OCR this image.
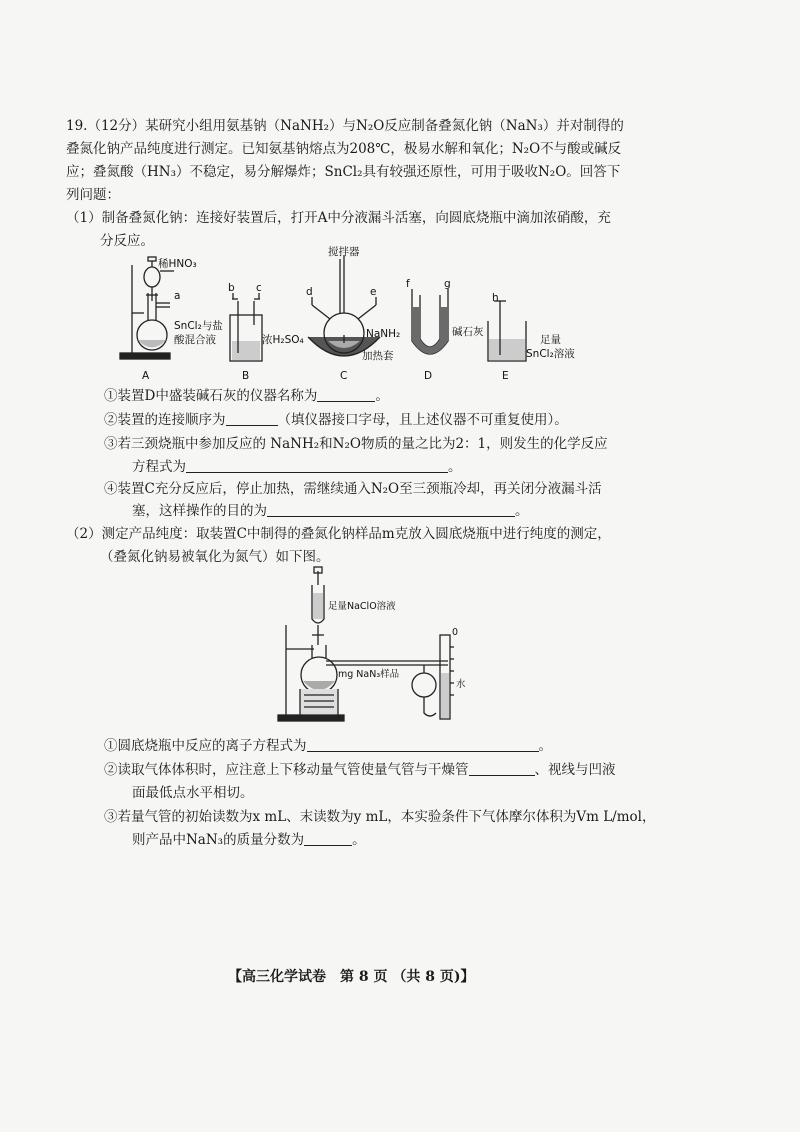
19.（12分）某研究小组用氨基钠（NaNH₂）与N₂O反应制备叠氮化钠（NaN₃）并对制得的
叠氮化钠产品纯度进行测定。已知氨基钠熔点为208℃，极易水解和氧化；N₂O不与酸或碱反
应；叠氮酸（HN₃）不稳定，易分解爆炸；SnCl₂具有较强还原性，可用于吸收N₂O。回答下
列问题：
（1）制备叠氮化钠：连接好装置后，打开A中分液漏斗活塞，向圆底烧瓶中滴加浓硝酸，充
分反应。
稀HNO₃
a
SnCl₂与盐
酸混合液
b c
浓H₂SO₄
搅拌器
d	e
NaNH₂
加热套
f	g
碱石灰
h
足量
SnCl₂溶液
A	B	C	D	E
①装置D中盛装碱石灰的仪器名称为	。
②装置的连接顺序为	（填仪器接口字母，且上述仪器不可重复使用）。
③若三颈烧瓶中参加反应的 NaNH₂和N₂O物质的量之比为2：1，则发生的化学反应
方程式为	。
④装置C充分反应后，停止加热，需继续通入N₂O至三颈瓶冷却，再关闭分液漏斗活
塞，这样操作的目的为	。
（2）测定产品纯度：取装置C中制得的叠氮化钠样品m克放入圆底烧瓶中进行纯度的测定，
（叠氮化钠易被氧化为氮气）如下图。
足量NaClO溶液
mg NaN₃样品
0
水
①圆底烧瓶中反应的离子方程式为	。
②读取气体体积时，应注意上下移动量气管使量气管与干燥管	、视线与凹液
面最低点水平相切。
③若量气管的初始读数为x mL、末读数为y mL，本实验条件下气体摩尔体积为Vm L/mol，
则产品中NaN₃的质量分数为	。
【高三化学试卷　第 8 页 （共 8 页)】
